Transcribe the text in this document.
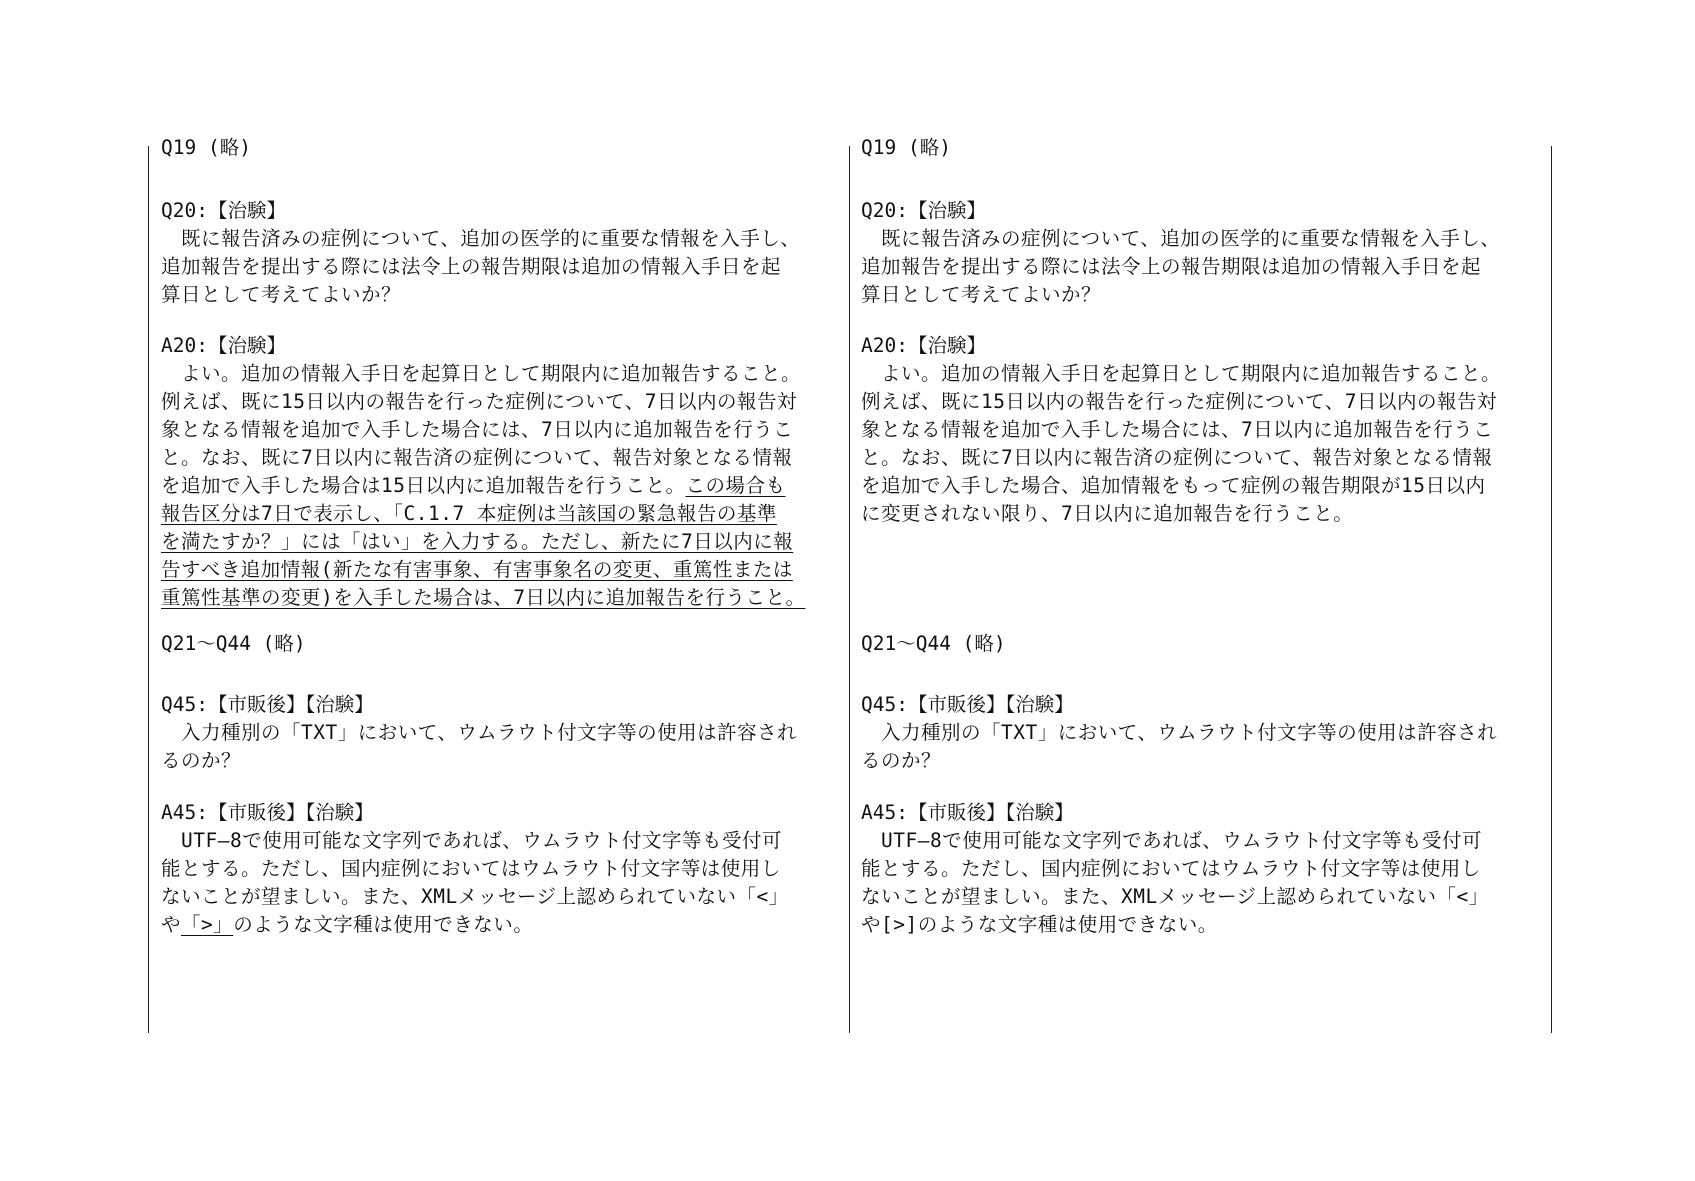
Q19 (略)
Q20:【治験】
　既に報告済みの症例について、追加の医学的に重要な情報を入手し、
追加報告を提出する際には法令上の報告期限は追加の情報入手日を起
算日として考えてよいか？
A20:【治験】
　よい。追加の情報入手日を起算日として期限内に追加報告すること。
例えば、既に15日以内の報告を行った症例について、7日以内の報告対
象となる情報を追加で入手した場合には、7日以内に追加報告を行うこ
と。なお、既に7日以内に報告済の症例について、報告対象となる情報
を追加で入手した場合は15日以内に追加報告を行うこと。この場合も
報告区分は7日で表示し、「C.1.7 本症例は当該国の緊急報告の基準
を満たすか？」には「はい」を入力する。ただし、新たに7日以内に報
告すべき追加情報(新たな有害事象、有害事象名の変更、重篤性または
重篤性基準の変更)を入手した場合は、7日以内に追加報告を行うこと。
Q21～Q44 (略)
Q45:【市販後】【治験】
　入力種別の「TXT」において、ウムラウト付文字等の使用は許容され
るのか？
A45:【市販後】【治験】
　UTF―8で使用可能な文字列であれば、ウムラウト付文字等も受付可
能とする。ただし、国内症例においてはウムラウト付文字等は使用し
ないことが望ましい。また、XMLメッセージ上認められていない「<」
や「>」のような文字種は使用できない。
Q19 (略)
Q20:【治験】
　既に報告済みの症例について、追加の医学的に重要な情報を入手し、
追加報告を提出する際には法令上の報告期限は追加の情報入手日を起
算日として考えてよいか？
A20:【治験】
　よい。追加の情報入手日を起算日として期限内に追加報告すること。
例えば、既に15日以内の報告を行った症例について、7日以内の報告対
象となる情報を追加で入手した場合には、7日以内に追加報告を行うこ
と。なお、既に7日以内に報告済の症例について、報告対象となる情報
を追加で入手した場合、追加情報をもって症例の報告期限が15日以内
に変更されない限り、7日以内に追加報告を行うこと。
Q21～Q44 (略)
Q45:【市販後】【治験】
　入力種別の「TXT」において、ウムラウト付文字等の使用は許容され
るのか？
A45:【市販後】【治験】
　UTF―8で使用可能な文字列であれば、ウムラウト付文字等も受付可
能とする。ただし、国内症例においてはウムラウト付文字等は使用し
ないことが望ましい。また、XMLメッセージ上認められていない「<」
や[>]のような文字種は使用できない。
